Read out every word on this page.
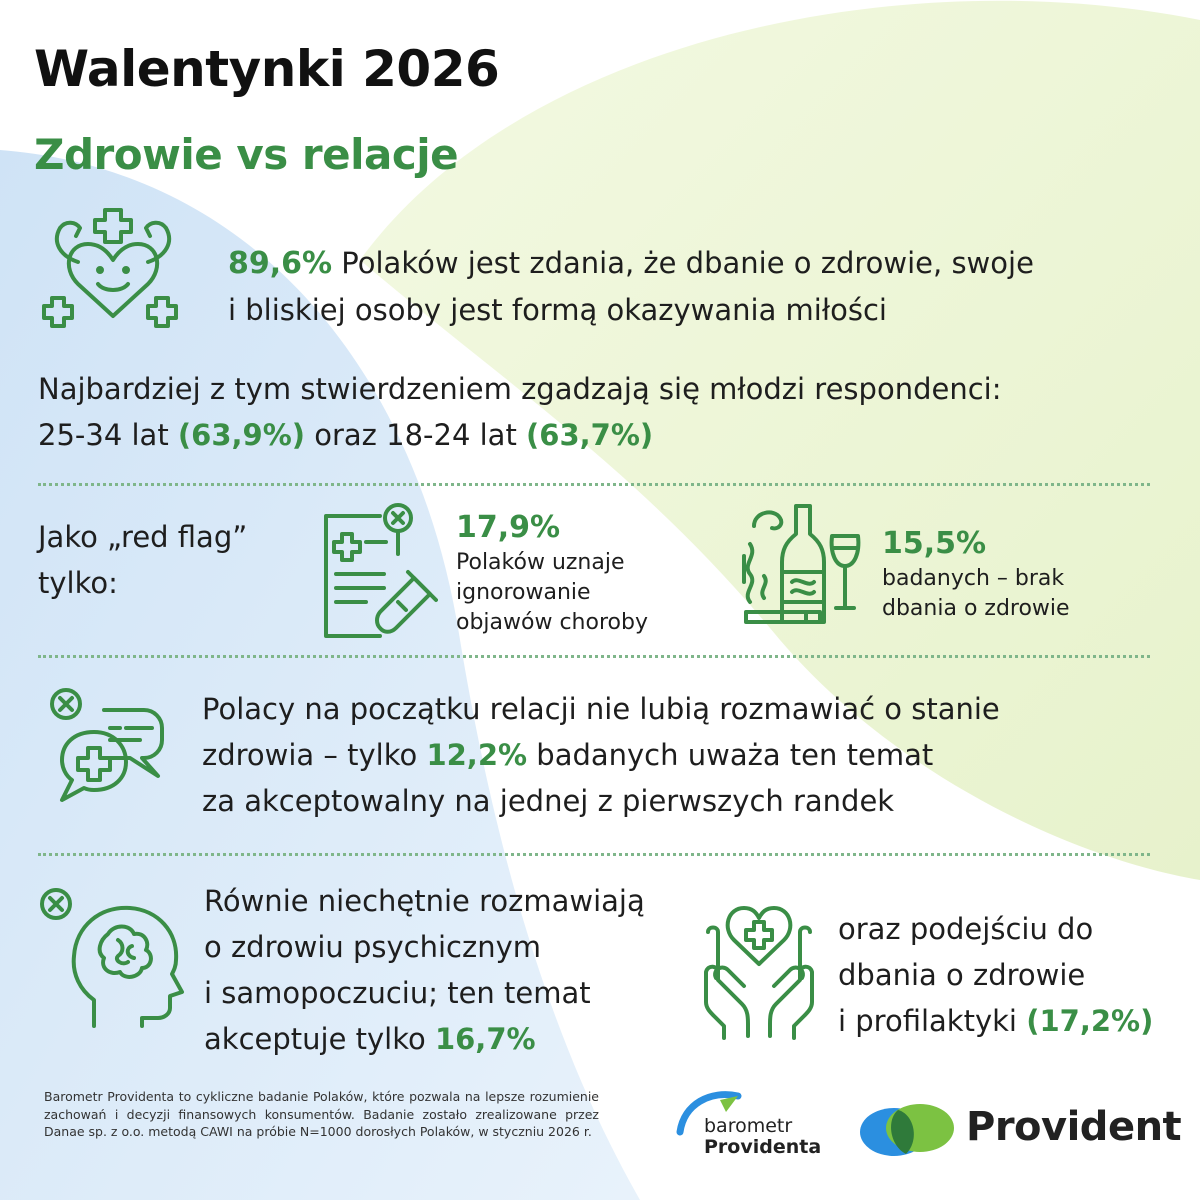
Walentynki 2026
Zdrowie vs relacje
89,6% Polaków jest zdania, że dbanie o zdrowie, swoje
i bliskiej osoby jest formą okazywania miłości
Najbardziej z tym stwierdzeniem zgadzają się młodzi respondenci:
25-34 lat (63,9%) oraz 18-24 lat (63,7%)
Jako „red flag”
tylko:
17,9%
Polaków uznaje
ignorowanie
objawów choroby
15,5%
badanych – brak
dbania o zdrowie
Polacy na początku relacji nie lubią rozmawiać o stanie
zdrowia – tylko 12,2% badanych uważa ten temat
za akceptowalny na jednej z pierwszych randek
Równie niechętnie rozmawiają
o zdrowiu psychicznym
i samopoczuciu; ten temat
akceptuje tylko 16,7%
oraz podejściu do
dbania o zdrowie
i profilaktyki (17,2%)
Barometr Providenta to cykliczne badanie Polaków, które pozwala na lepsze rozumienie zachowań i decyzji finansowych konsumentów. Badanie zostało zrealizowane przez Danae sp. z o.o. metodą CAWI na próbie N=1000 dorosłych Polaków, w styczniu 2026 r.	barometr
Providenta	Provident
